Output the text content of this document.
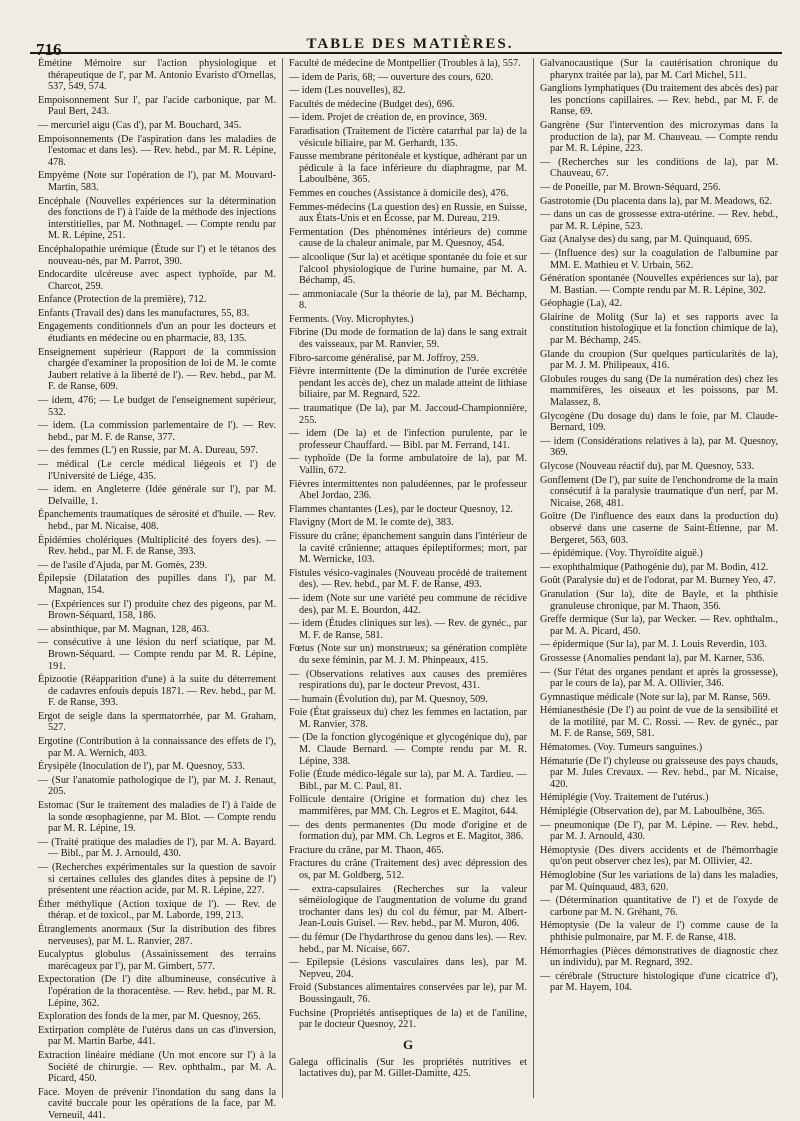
716	TABLE DES MATIÈRES.

Émétine Mémoire sur l'action physiologique et thérapeutique de l', par M. Antonio Evaristo d'Ornellas, 537, 549, 574.

Empoisonnement Sur l', par l'acide carbonique, par M. Paul Bert, 243.

— mercuriel aigu (Cas d'), par M. Bouchard, 345.

Empoisonnements (De l'aspiration dans les maladies de l'estomac et dans les). — Rev. hebd., par M. R. Lépine, 478.

Empyème (Note sur l'opération de l'), par M. Mouvard-Martin, 583.

Encéphale (Nouvelles expériences sur la détermination des fonctions de l') à l'aide de la méthode des injections interstitielles, par M. Nothnagel. — Compte rendu par M. R. Lépine, 251.

Encéphalopathie urémique (Étude sur l') et le tétanos des nouveau-nés, par M. Parrot, 390.

Endocardite ulcéreuse avec aspect typhoïde, par M. Charcot, 259.

Enfance (Protection de la première), 712.

Enfants (Travail des) dans les manufactures, 55, 83.

Engagements conditionnels d'un an pour les docteurs et étudiants en médecine ou en pharmacie, 83, 135.

Enseignement supérieur (Rapport de la commission chargée d'examiner la proposition de loi de M. le comte Jaubert relative à la liberté de l'). — Rev. hebd., par M. F. de Ranse, 609.

— idem, 476; — Le budget de l'enseignement supérieur, 532.

— idem. (La commission parlementaire de l'). — Rev. hebd., par M. F. de Ranse, 377.

— des femmes (L') en Russie, par M. A. Dureau, 597.

— médical (Le cercle médical liégeois et l') de l'Université de Liége, 435.

— idem. en Angleterre (Idée générale sur l'), par M. Delvaille, 1.

Épanchements traumatiques de sérosité et d'huile. — Rev. hebd., par M. Nicaise, 408.

Épidémies cholériques (Multiplicité des foyers des). — Rev. hebd., par M. F. de Ranse, 393.

— de l'asile d'Ajuda, par M. Gomès, 239.

Épilepsie (Dilatation des pupilles dans l'), par M. Magnan, 154.

— (Expériences sur l') produite chez des pigeons, par M. Brown-Séquard, 158, 186.

— absinthique, par M. Magnan, 128, 463.

— consécutive à une lésion du nerf sciatique, par M. Brown-Séquard. — Compte rendu par M. R. Lépine, 191.

Épizootie (Réapparition d'une) à la suite du déterrement de cadavres enfouis depuis 1871. — Rev. hebd., par M. F. de Ranse, 393.

Ergot de seigle dans la spermatorrhée, par M. Graham, 527.

Ergotine (Contribution à la connaissance des effets de l'), par M. A. Wernich, 403.

Érysipèle (Inoculation de l'), par M. Quesnoy, 533.

— (Sur l'anatomie pathologique de l'), par M. J. Renaut, 205.

Estomac (Sur le traitement des maladies de l') à l'aide de la sonde œsophagienne, par M. Blot. — Compte rendu par M. R. Lépine, 19.

— (Traité pratique des maladies de l'), par M. A. Bayard. — Bibl., par M. J. Arnould, 430.

— (Recherches expérimentales sur la question de savoir si certaines cellules des glandes dites à pepsine de l') présentent une réaction acide, par M. R. Lépine, 227.

Éther méthylique (Action toxique de l'). — Rev. de thérap. et de toxicol., par M. Laborde, 199, 213.

Étranglements anormaux (Sur la distribution des fibres nerveuses), par M. L. Ranvier, 287.

Eucalyptus globulus (Assainissement des terrains marécageux par l'), par M. Gimbert, 577.

Expectoration (De l') dite albumineuse, consécutive à l'opération de la thoracentèse. — Rev. hebd., par M. R. Lépine, 362.

Exploration des fonds de la mer, par M. Quesnoy, 265.

Extirpation complète de l'utérus dans un cas d'inversion, par M. Martin Barbe, 441.

Extraction linéaire médiane (Un mot encore sur l') à la Société de chirurgie. — Rev. ophthalm., par M. A. Picard, 450.

Face. Moyen de prévenir l'inondation du sang dans la cavité buccale pour les opérations de la face, par M. Verneuil, 441.

Faculté de médecine de Montpellier (Troubles à la), 557.

— idem de Paris, 68; — ouverture des cours, 620.

— idem (Les nouvelles), 82.

Facultés de médecine (Budget des), 696.

— idem. Projet de création de, en province, 369.

Faradisation (Traitement de l'ictère catarrhal par la) de la vésicule biliaire, par M. Gerhardt, 135.

Fausse membrane péritonéale et kystique, adhérant par un pédicule à la face inférieure du diaphragme, par M. Laboulbène, 365.

Femmes en couches (Assistance à domicile des), 476.

Femmes-médecins (La question des) en Russie, en Suisse, aux États-Unis et en Écosse, par M. Dureau, 219.

Fermentation (Des phénomènes intérieurs de) comme cause de la chaleur animale, par M. Quesnoy, 454.

— alcoolique (Sur la) et acétique spontanée du foie et sur l'alcool physiologique de l'urine humaine, par M. A. Béchamp, 45.

— ammoniacale (Sur la théorie de la), par M. Béchamp, 8.

Ferments. (Voy. Microphytes.)

Fibrine (Du mode de formation de la) dans le sang extrait des vaisseaux, par M. Ranvier, 59.

Fibro-sarcome généralisé, par M. Joffroy, 259.

Fièvre intermittente (De la diminution de l'urée excrétée pendant les accès de), chez un malade atteint de lithiase biliaire, par M. Regnard, 522.

— traumatique (De la), par M. Jaccoud-Championnière, 255.

— idem (De la) et de l'infection purulente, par le professeur Chauffard. — Bibl. par M. Ferrand, 141.

— typhoïde (De la forme ambulatoire de la), par M. Vallin, 672.

Fièvres intermittentes non paludéennes, par le professeur Abel Jordao, 236.

Flammes chantantes (Les), par le docteur Quesnoy, 12.

Flavigny (Mort de M. le comte de), 383.

Fissure du crâne; épanchement sanguin dans l'intérieur de la cavité crânienne; attaques épileptiformes; mort, par M. Wernicke, 103.

Fistules vésico-vaginales (Nouveau procédé de traitement des). — Rev. hebd., par M. F. de Ranse, 493.

— idem (Note sur une variété peu commune de récidive des), par M. E. Bourdon, 442.

— idem (Études cliniques sur les). — Rev. de gynéc., par M. F. de Ranse, 581.

Fœtus (Note sur un) monstrueux; sa génération complète du sexe féminin, par M. J. M. Phinpeaux, 415.

— (Observations relatives aux causes des premières respirations du), par le docteur Prevost, 431.

— humain (Évolution du), par M. Quesnoy, 509.

Foie (État graisseux du) chez les femmes en lactation, par M. Ranvier, 378.

— (De la fonction glycogénique et glycogénique du), par M. Claude Bernard. — Compte rendu par M. R. Lépine, 338.

Folie (Étude médico-légale sur la), par M. A. Tardieu. — Bibl., par M. C. Paul, 81.

Follicule dentaire (Origine et formation du) chez les mammifères, par MM. Ch. Legros et E. Magitot, 644.

— des dents permanentes (Du mode d'origine et de formation du), par MM. Ch. Legros et E. Magitot, 386.

Fracture du crâne, par M. Thaon, 465.

Fractures du crâne (Traitement des) avec dépression des os, par M. Goldberg, 512.

— extra-capsulaires (Recherches sur la valeur séméiologique de l'augmentation de volume du grand trochanter dans les) du col du fémur, par M. Albert-Jean-Louis Guisel. — Rev. hebd., par M. Muron, 406.

— du fémur (De l'hydarthrose du genou dans les). — Rev. hebd., par M. Nicaise, 667.

— Epilepsie (Lésions vasculaires dans les), par M. Nepveu, 204.

Froid (Substances alimentaires conservées par le), par M. Boussingault, 76.

Fuchsine (Propriétés antiseptiques de la) et de l'aniline, par le docteur Quesnoy, 221.

G

Galega officinalis (Sur les propriétés nutritives et lactatives du), par M. Gillet-Damitte, 425.

Galvanocaustique (Sur la cautérisation chronique du pharynx traitée par la), par M. Carl Michel, 511.

Ganglions lymphatiques (Du traitement des abcès des) par les ponctions capillaires. — Rev. hebd., par M. F. de Ranse, 69.

Gangrène (Sur l'intervention des microzymas dans la production de la), par M. Chauveau. — Compte rendu par M. R. Lépine, 223.

— (Recherches sur les conditions de la), par M. Chauveau, 67.

— de Poneille, par M. Brown-Séquard, 256.

Gastrotomie (Du placenta dans la), par M. Meadows, 62.

— dans un cas de grossesse extra-utérine. — Rev. hebd., par M. R. Lépine, 523.

Gaz (Analyse des) du sang, par M. Quinquaud, 695.

— (Influence des) sur la coagulation de l'albumine par MM. E. Mathieu et V. Urbain, 562.

Génération spontanée (Nouvelles expériences sur la), par M. Bastian. — Compte rendu par M. R. Lépine, 302.

Géophagie (La), 42.

Glairine de Molitg (Sur la) et ses rapports avec la constitution histologique et la fonction chimique de la), par M. Béchamp, 245.

Glande du croupion (Sur quelques particularités de la), par M. J. M. Philipeaux, 416.

Globules rouges du sang (De la numération des) chez les mammifères, les oiseaux et les poissons, par M. Malassez, 8.

Glycogène (Du dosage du) dans le foie, par M. Claude-Bernard, 109.

— idem (Considérations relatives à la), par M. Quesnoy, 369.

Glycose (Nouveau réactif du), par M. Quesnoy, 533.

Gonflement (De l'), par suite de l'enchondrome de la main consécutif à la paralysie traumatique d'un nerf, par M. Nicaise, 268, 481.

Goître (De l'influence des eaux dans la production du) observé dans une caserne de Saint-Étienne, par M. Bergeret, 563, 603.

— épidémique. (Voy. Thyroïdite aiguë.)

— exophthalmique (Pathogénie du), par M. Bodin, 412.

Goût (Paralysie du) et de l'odorat, par M. Burney Yeo, 47.

Granulation (Sur la), dite de Bayle, et la phthisie granuleuse chronique, par M. Thaon, 356.

Greffe dermique (Sur la), par Wecker. — Rev. ophthalm., par M. A. Picard, 450.

— épidermique (Sur la), par M. J. Louis Reverdin, 103.

Grossesse (Anomalies pendant la), par M. Karner, 536.

— (Sur l'état des organes pendant et après la grossesse), par le cours de la), par M. A. Ollivier, 346.

Gymnastique médicale (Note sur la), par M. Ranse, 569.

Hémianesthésie (De l') au point de vue de la sensibilité et de la motilité, par M. C. Rossi. — Rev. de gynéc., par M. F. de Ranse, 569, 581.

Hématomes. (Voy. Tumeurs sanguines.)

Hématurie (De l') chyleuse ou graisseuse des pays chauds, par M. Jules Crevaux. — Rev. hebd., par M. Nicaise, 420.

Hémiplégie (Voy. Traitement de l'utérus.)

Hémiplégie (Observation de), par M. Laboulbène, 365.

— pneumonique (De l'), par M. Lépine. — Rev. hebd., par M. J. Arnould, 430.

Hémoptysie (Des divers accidents et de l'hémorrhagie qu'on peut observer chez les), par M. Ollivier, 42.

Hémoglobine (Sur les variations de la) dans les maladies, par M. Quinquaud, 483, 620.

— (Détermination quantitative de l') et de l'oxyde de carbone par M. N. Gréhant, 76.

Hémoptysie (De la valeur de l') comme cause de la phthisie pulmonaire, par M. F. de Ranse, 418.

Hémorrhagies (Pièces démonstratives de diagnostic chez un individu), par M. Regnard, 392.

— cérébrale (Structure histologique d'une cicatrice d'), par M. Hayem, 104.
